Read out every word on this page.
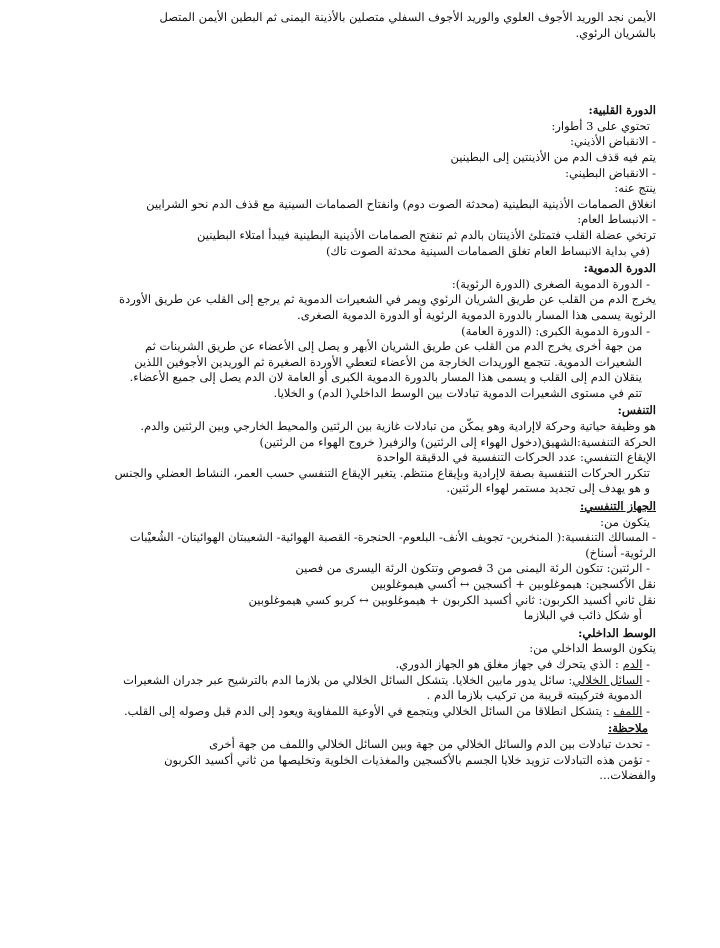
الأيمن نجد الوريد الأجوف العلوي والوريد الأجوف السفلي متصلين بالأذينة اليمنى ثم البطين الأيمن المتصل

بالشريان الرئوي.

الدورة القلبية:

تحتوي على 3 أطوار:

- الانقباض الأذيني:

يتم فيه قذف الدم من الأذينتين إلى البطينين

- الانقباض البطيني:

ينتج عنه:

انغلاق الصمامات الأذينية البطينية (محدثة الصوت دوم) وانفتاح الصمامات السينية مع قذف الدم نحو الشرايين

- الانبساط العام:

ترتخي عضلة القلب فتمتلئ الأذينتان بالدم ثم تنفتح الصمامات الأذينية البطينية فيبدأ امتلاء البطينين

(في بداية الانبساط العام تغلق الصمامات السينية محدثة الصوت تاك)

الدورة الدموية:

- الدورة الدموية الصغرى (الدورة الرئوية):

يخرج الدم من القلب عن طريق الشريان الرئوي ويمر في الشعيرات الدموية ثم يرجع إلى القلب عن طريق الأوردة

الرئوية يسمى هذا المسار بالدورة الدموية الرئوية أو الدورة الدموية الصغرى.

- الدورة الدموية الكبرى: (الدورة العامة)

من جهة أخرى يخرج الدم من القلب عن طريق الشريان الأبهر و يصل إلى الأعضاء عن طريق الشرينات ثم

الشعيرات الدموية. تتجمع الوريدات الخارجة من الأعضاء لتعطي الأوردة الصغيرة ثم الوريدين الأجوفين اللذين

ينقلان الدم إلى القلب و يسمى هذا المسار بالدورة الدموية الكبرى أو العامة لان الدم يصل إلى جميع الأعضاء.

تتم في مستوى الشعيرات الدموية تبادلات بين الوسط الداخلي( الدم) و الخلايا.

التنفس:

هو وظيفة حياتية وحركة لاإرادية وهو يمكّن من تبادلات غازية بين الرئتين والمحيط الخارجي وبين الرئتين والدم.

الحركة التنفسية:الشهيق(دخول الهواء إلى الرئتين) والزفير( خروج الهواء من الرئتين)

الإيقاع التنفسي: عدد الحركات التنفسية في الدقيقة الواحدة

تتكرر الحركات التنفسية بصفة لاإرادية وبإيقاع منتظم. يتغير الإيقاع التنفسي حسب العمر، النشاط العضلي والجنس

و هو يهدف إلى تجديد مستمر لهواء الرئتين.

الجهاز التنفسي:

يتكون من:

- المسالك التنفسية:( المنخرين- تجويف الأنف- البلعوم- الحنجرة- القصبة الهوائية- الشعيبتان الهوائيتان- الشُعيْبات

الرئوية- أسناخ)

- الرئتين: تتكون الرئة اليمنى من 3 فصوص وتتكون الرئة اليسرى من فصين

نقل الأكسجين: هيموغلوبين + أكسجين ↔ أكسي هيموغلوبين

نقل ثاني أكسيد الكربون: ثاني أكسيد الكربون + هيموغلوبين ↔ كربو كسي هيموغلوبين

أو شكل ذائب في البلازما

الوسط الداخلي:

يتكون الوسط الداخلي من:

- الدم : الذي يتحرك في جهاز مغلق هو الجهاز الدوري.

- السائل الخلالي: سائل يدور مابين الخلايا. يتشكل السائل الخلالي من بلازما الدم بالترشيح عبر جدران الشعيرات

الدموية فتركيبته قريبة من تركيب بلازما الدم .

- اللمف : يتشكل انطلاقا من السائل الخلالي ويتجمع في الأوعية اللمفاوية ويعود إلى الدم قبل وصوله إلى القلب.

ملاحظة:

- تحدث تبادلات بين الدم والسائل الخلالي من جهة وبين السائل الخلالي واللمف من جهة أخرى

- تؤمن هذه التبادلات تزويد خلايا الجسم بالأكسجين والمغذيات الخلوية وتخليصها من ثاني أكسيد الكربون

والفضلات...
